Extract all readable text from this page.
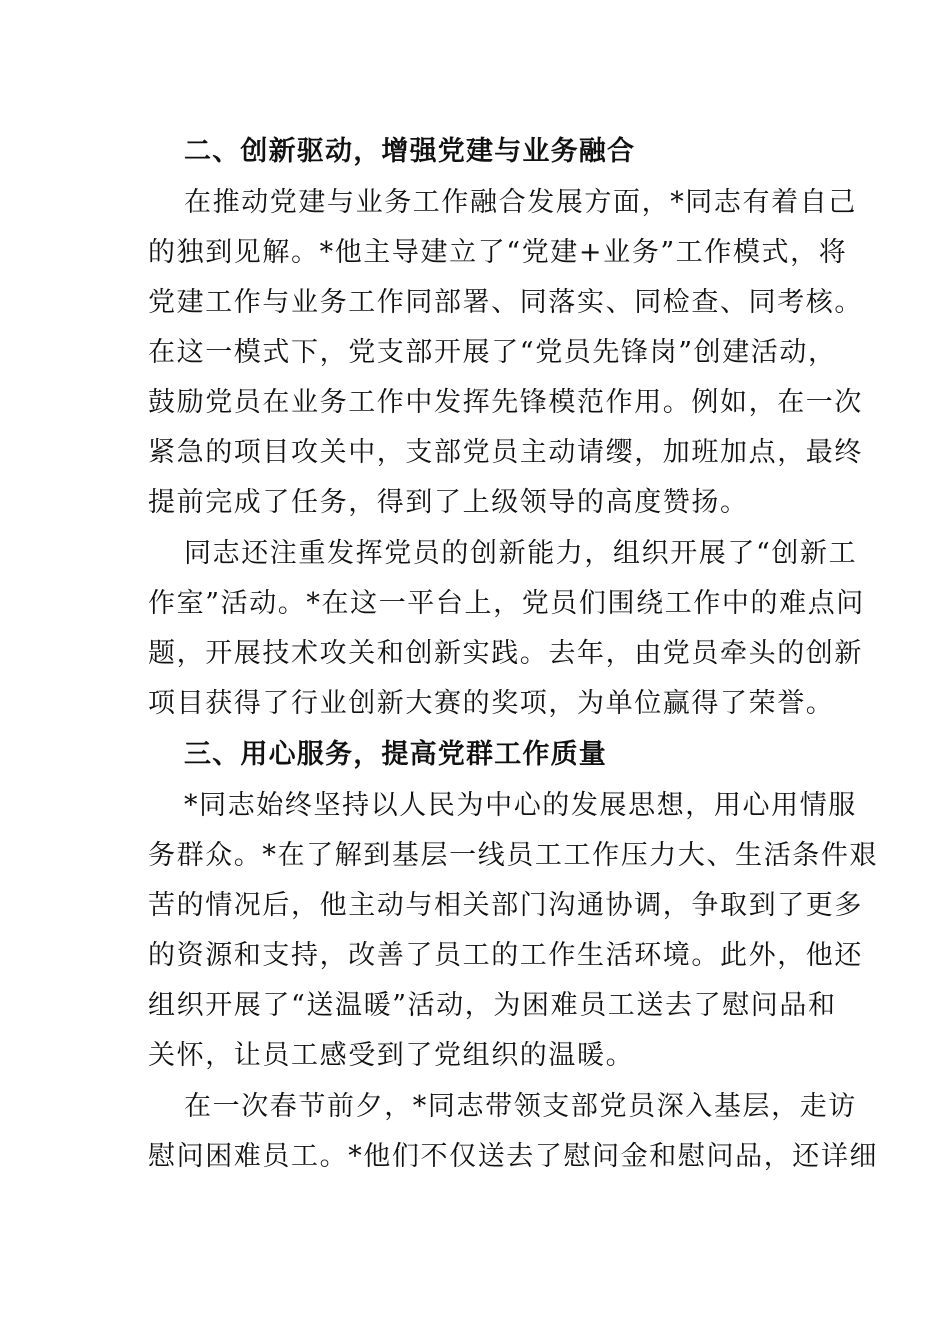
二、创新驱动，增强党建与业务融合
在推动党建与业务工作融合发展方面，*同志有着自己
的独到见解。*他主导建立了“党建+业务”工作模式，将
党建工作与业务工作同部署、同落实、同检查、同考核。
在这一模式下，党支部开展了“党员先锋岗”创建活动，
鼓励党员在业务工作中发挥先锋模范作用。例如，在一次
紧急的项目攻关中，支部党员主动请缨，加班加点，最终
提前完成了任务，得到了上级领导的高度赞扬。
同志还注重发挥党员的创新能力，组织开展了“创新工
作室”活动。*在这一平台上，党员们围绕工作中的难点问
题，开展技术攻关和创新实践。去年，由党员牵头的创新
项目获得了行业创新大赛的奖项，为单位赢得了荣誉。
三、用心服务，提高党群工作质量
*同志始终坚持以人民为中心的发展思想，用心用情服
务群众。*在了解到基层一线员工工作压力大、生活条件艰
苦的情况后，他主动与相关部门沟通协调，争取到了更多
的资源和支持，改善了员工的工作生活环境。此外，他还
组织开展了“送温暖”活动，为困难员工送去了慰问品和
关怀，让员工感受到了党组织的温暖。
在一次春节前夕，*同志带领支部党员深入基层，走访
慰问困难员工。*他们不仅送去了慰问金和慰问品，还详细
